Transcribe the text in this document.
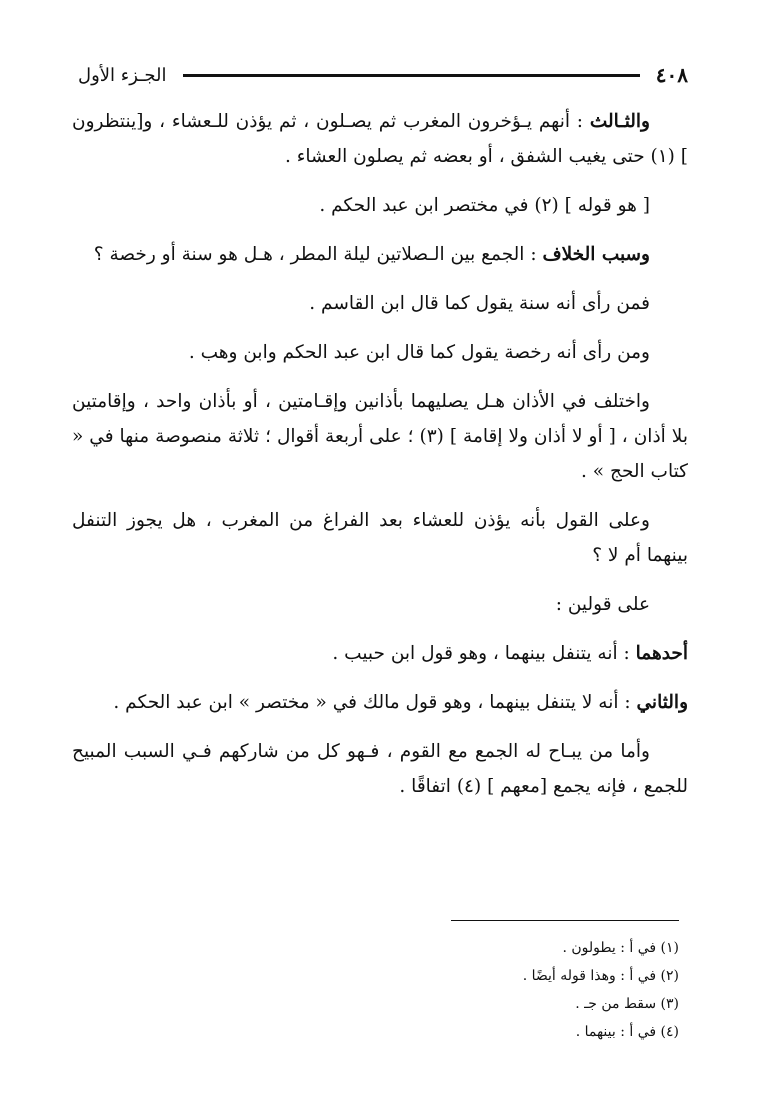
٤٠٨
الجـزء الأول

والثـالث : أنهم يـؤخرون المغرب ثم يصـلون ، ثم يؤذن للـعشاء ، و[ينتظرون ] (١) حتى يغيب الشفق ، أو بعضه ثم يصلون العشاء .

[ هو قوله ] (٢) في مختصر ابن عبد الحكم .

وسبب الخلاف : الجمع بين الـصلاتين ليلة المطر ، هـل هو سنة أو رخصة ؟

فمن رأى أنه سنة يقول كما قال ابن القاسم .

ومن رأى أنه رخصة يقول كما قال ابن عبد الحكم وابن وهب .

واختلف في الأذان هـل يصليهما بأذانين وإقـامتين ، أو بأذان واحد ، وإقامتين بلا أذان ، [ أو لا أذان ولا إقامة ] (٣) ؛ على أربعة أقوال ؛ ثلاثة منصوصة منها في « كتاب الحج » .

وعلى القول بأنه يؤذن للعشاء بعد الفراغ من المغرب ، هل يجوز التنفل بينهما أم لا ؟

على قولين :

أحدهما : أنه يتنفل بينهما ، وهو قول ابن حبيب .

والثاني : أنه لا يتنفل بينهما ، وهو قول مالك في « مختصر » ابن عبد الحكم .

وأما من يبـاح له الجمع مع القوم ، فـهو كل من شاركهم فـي السبب المبيح للجمع ، فإنه يجمع [معهم ] (٤) اتفاقًا .

(١) في أ : يطولون .

(٢) في أ : وهذا قوله أيضًا .

(٣) سقط من جـ .

(٤) في أ : بينهما .
